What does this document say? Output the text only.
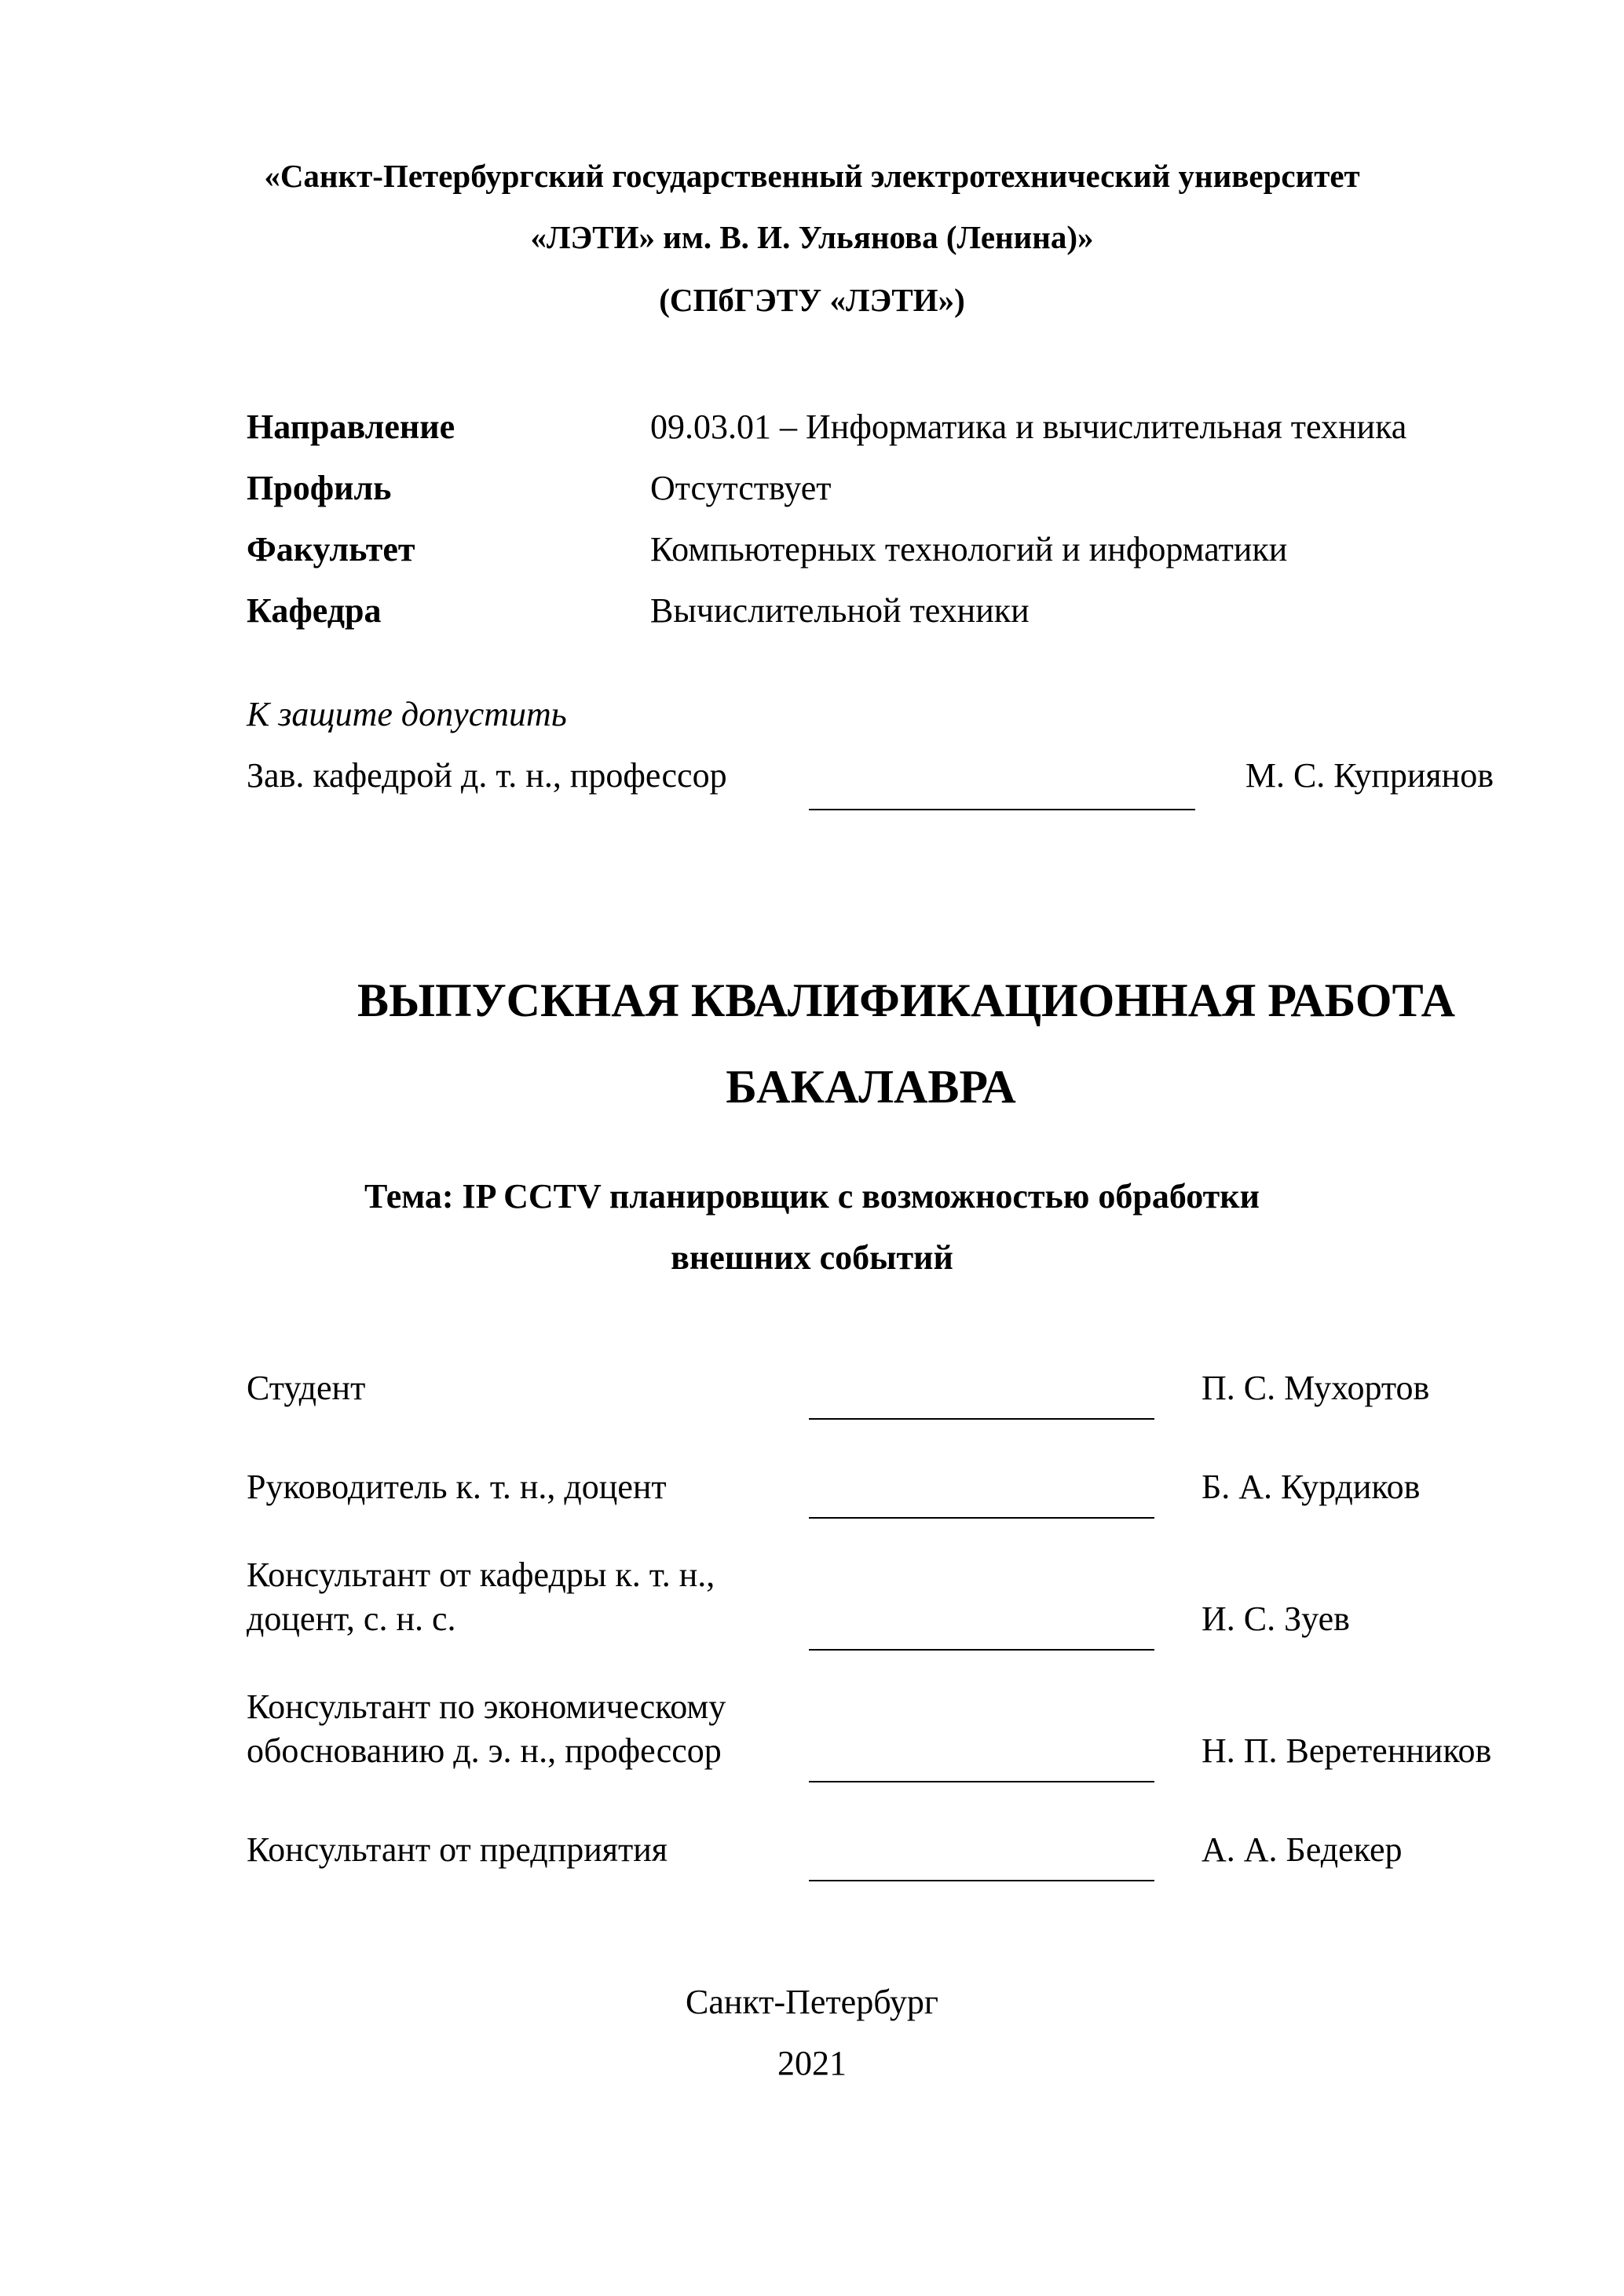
«Санкт-Петербургский государственный электротехнический университет
«ЛЭТИ» им. В. И. Ульянова (Ленина)»
(СПбГЭТУ «ЛЭТИ»)
Направление	09.03.01 – Информатика и вычислительная техника
Профиль	Отсутствует
Факультет	Компьютерных технологий и информатики
Кафедра	Вычислительной техники
К защите допустить
Зав. кафедрой д. т. н., профессор	М. С. Куприянов
ВЫПУСКНАЯ КВАЛИФИКАЦИОННАЯ РАБОТА
БАКАЛАВРА
Тема: IP CCTV планировщик с возможностью обработки
внешних событий
Студент	П. С. Мухортов
Руководитель к. т. н., доцент	Б. А. Курдиков
Консультант от кафедры к. т. н.,
доцент, с. н. с.	И. С. Зуев
Консультант по экономическому
обоснованию д. э. н., профессор	Н. П. Веретенников
Консультант от предприятия	А. А. Бедекер
Санкт-Петербург
2021
